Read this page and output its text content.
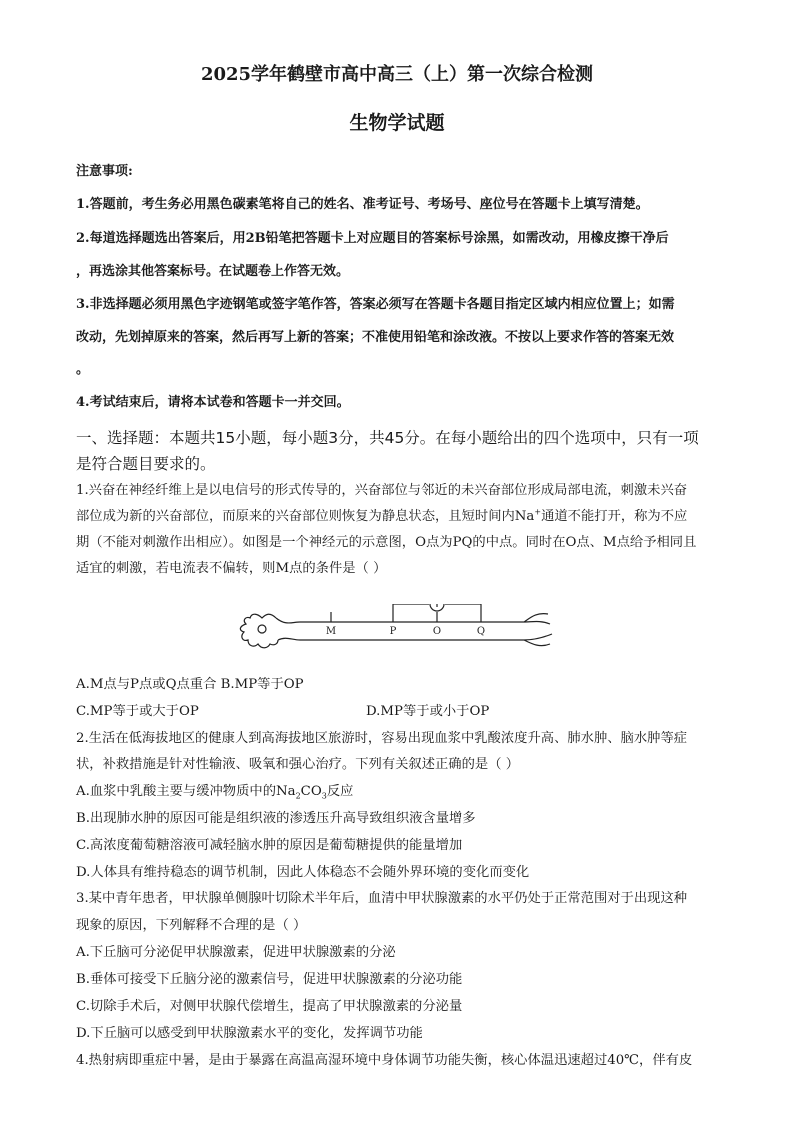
2025学年鹤壁市高中高三（上）第一次综合检测
生物学试题
注意事项:
1.答题前，考生务必用黑色碳素笔将自己的姓名、准考证号、考场号、座位号在答题卡上填写清楚。
2.每道选择题选出答案后，用2B铅笔把答题卡上对应题目的答案标号涂黑，如需改动，用橡皮擦干净后
，再选涂其他答案标号。在试题卷上作答无效。
3.非选择题必须用黑色字迹钢笔或签字笔作答，答案必须写在答题卡各题目指定区域内相应位置上；如需
改动，先划掉原来的答案，然后再写上新的答案；不准使用铅笔和涂改液。不按以上要求作答的答案无效
。
4.考试结束后，请将本试卷和答题卡一并交回。
一、选择题：本题共15小题，每小题3分，共45分。在每小题给出的四个选项中，只有一项
是符合题目要求的。
1.兴奋在神经纤维上是以电信号的形式传导的，兴奋部位与邻近的未兴奋部位形成局部电流，刺激未兴奋
部位成为新的兴奋部位，而原来的兴奋部位则恢复为静息状态，且短时间内Na+通道不能打开，称为不应
期（不能对刺激作出相应）。如图是一个神经元的示意图，O点为PQ的中点。同时在O点、M点给予相同且
适宜的刺激，若电流表不偏转，则M点的条件是（ ）
M	P	O	Q
A.M点与P点或Q点重合 B.MP等于OP
C.MP等于或大于OP	D.MP等于或小于OP
2.生活在低海拔地区的健康人到高海拔地区旅游时，容易出现血浆中乳酸浓度升高、肺水肿、脑水肿等症
状，补救措施是针对性输液、吸氧和强心治疗。下列有关叙述正确的是（ ）
A.血浆中乳酸主要与缓冲物质中的$Na_2CO_3$反应
B.出现肺水肿的原因可能是组织液的渗透压升高导致组织液含量增多
C.高浓度葡萄糖溶液可减轻脑水肿的原因是葡萄糖提供的能量增加
D.人体具有维持稳态的调节机制，因此人体稳态不会随外界环境的变化而变化
3.某中青年患者，甲状腺单侧腺叶切除术半年后，血清中甲状腺激素的水平仍处于正常范围对于出现这种
现象的原因，下列解释不合理的是（ ）
A.下丘脑可分泌促甲状腺激素，促进甲状腺激素的分泌
B.垂体可接受下丘脑分泌的激素信号，促进甲状腺激素的分泌功能
C.切除手术后，对侧甲状腺代偿增生，提高了甲状腺激素的分泌量
D.下丘脑可以感受到甲状腺激素水平的变化，发挥调节功能
4.热射病即重症中暑，是由于暴露在高温高湿环境中身体调节功能失衡，核心体温迅速超过40℃，伴有皮
